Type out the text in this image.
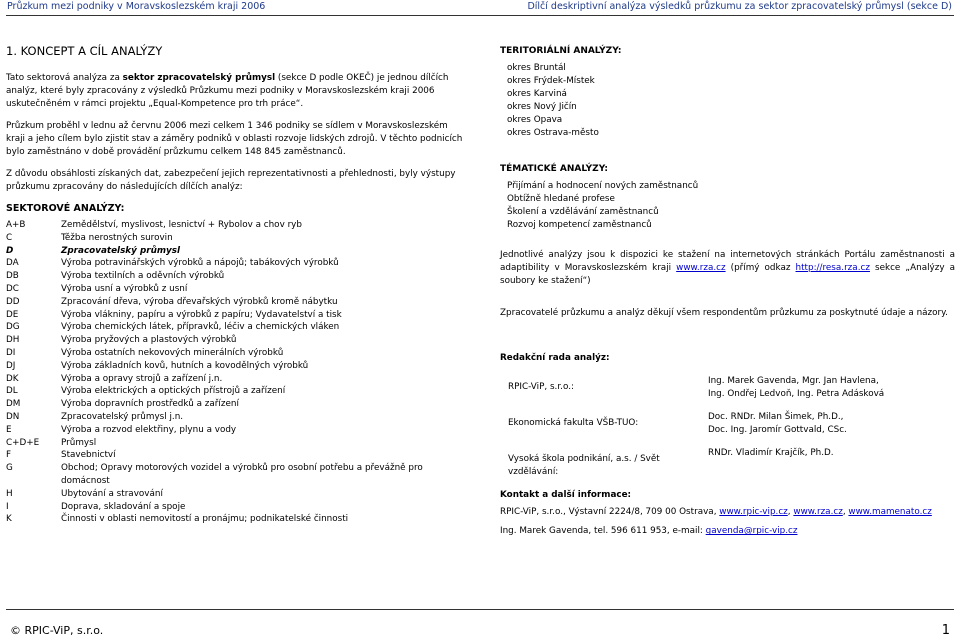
Průzkum mezi podniky v Moravskoslezském kraji 2006	Dílčí deskriptivní analýza výsledků průzkumu za sektor zpracovatelský průmysl (sekce D)
1. KONCEPT A CÍL ANALÝZY

Tato sektorová analýza za sektor zpracovatelský průmysl (sekce D podle OKEČ) je jednou dílčích analýz, které byly zpracovány z výsledků Průzkumu mezi podniky v Moravskoslezském kraji 2006 uskutečněném v rámci projektu „Equal-Kompetence pro trh práce“.

Průzkum proběhl v lednu až červnu 2006 mezi celkem 1 346 podniky se sídlem v Moravskoslezském kraji a jeho cílem bylo zjistit stav a záměry podniků v oblasti rozvoje lidských zdrojů. V těchto podnicích bylo zaměstnáno v době provádění průzkumu celkem 148 845 zaměstnanců.

Z důvodu obsáhlosti získaných dat, zabezpečení jejich reprezentativnosti a přehlednosti, byly výstupy průzkumu zpracovány do následujících dílčích analýz:

SEKTOROVÉ ANALÝZY:
A+B	Zemědělství, myslivost, lesnictví + Rybolov a chov ryb
C	Těžba nerostných surovin
D	Zpracovatelský průmysl
DA	Výroba potravinářských výrobků a nápojů; tabákových výrobků
DB	Výroba textilních a oděvních výrobků
DC	Výroba usní a výrobků z usní
DD	Zpracování dřeva, výroba dřevařských výrobků kromě nábytku
DE	Výroba vlákniny, papíru a výrobků z papíru; Vydavatelství a tisk
DG	Výroba chemických látek, přípravků, léčiv a chemických vláken
DH	Výroba pryžových a plastových výrobků
DI	Výroba ostatních nekovových minerálních výrobků
DJ	Výroba základních kovů, hutních a kovodělných výrobků
DK	Výroba a opravy strojů a zařízení j.n.
DL	Výroba elektrických a optických přístrojů a zařízení
DM	Výroba dopravních prostředků a zařízení
DN	Zpracovatelský průmysl j.n.
E	Výroba a rozvod elektřiny, plynu a vody
C+D+E	Průmysl
F	Stavebnictví
G	Obchod; Opravy motorových vozidel a výrobků pro osobní potřebu a převážně pro domácnost
H	Ubytování a stravování
I	Doprava, skladování a spoje
K	Činnosti v oblasti nemovitostí a pronájmu; podnikatelské činnosti
TERITORIÁLNÍ ANALÝZY:
okres Bruntál
okres Frýdek-Místek
okres Karviná
okres Nový Jičín
okres Opava
okres Ostrava-město
TÉMATICKÉ ANALÝZY:
Přijímání a hodnocení nových zaměstnanců
Obtížně hledané profese
Školení a vzdělávání zaměstnanců
Rozvoj kompetencí zaměstnanců
Jednotlivé analýzy jsou k dispozici ke stažení na internetových stránkách Portálu zaměstnanosti a adaptibility v Moravskoslezském kraji www.rza.cz (přímý odkaz http://resa.rza.cz sekce „Analýzy a soubory ke stažení“)
Zpracovatelé průzkumu a analýz děkují všem respondentům průzkumu za poskytnuté údaje a názory.
Redakční rada analýz:
RPIC-ViP, s.r.o.:
Ing. Marek Gavenda, Mgr. Jan Havlena,
Ing. Ondřej Ledvoň, Ing. Petra Adásková
Ekonomická fakulta VŠB-TUO:
Doc. RNDr. Milan Šimek, Ph.D.,
Doc. Ing. Jaromír Gottvald, CSc.
Vysoká škola podnikání, a.s. / Svět vzdělávání:
RNDr. Vladimír Krajčík, Ph.D.
Kontakt a další informace:
RPIC-ViP, s.r.o., Výstavní 2224/8, 709 00 Ostrava, www.rpic-vip.cz, www.rza.cz, www.mamenato.cz
Ing. Marek Gavenda, tel. 596 611 953, e-mail: gavenda@rpic-vip.cz
© RPIC-ViP, s.r.o.	1
